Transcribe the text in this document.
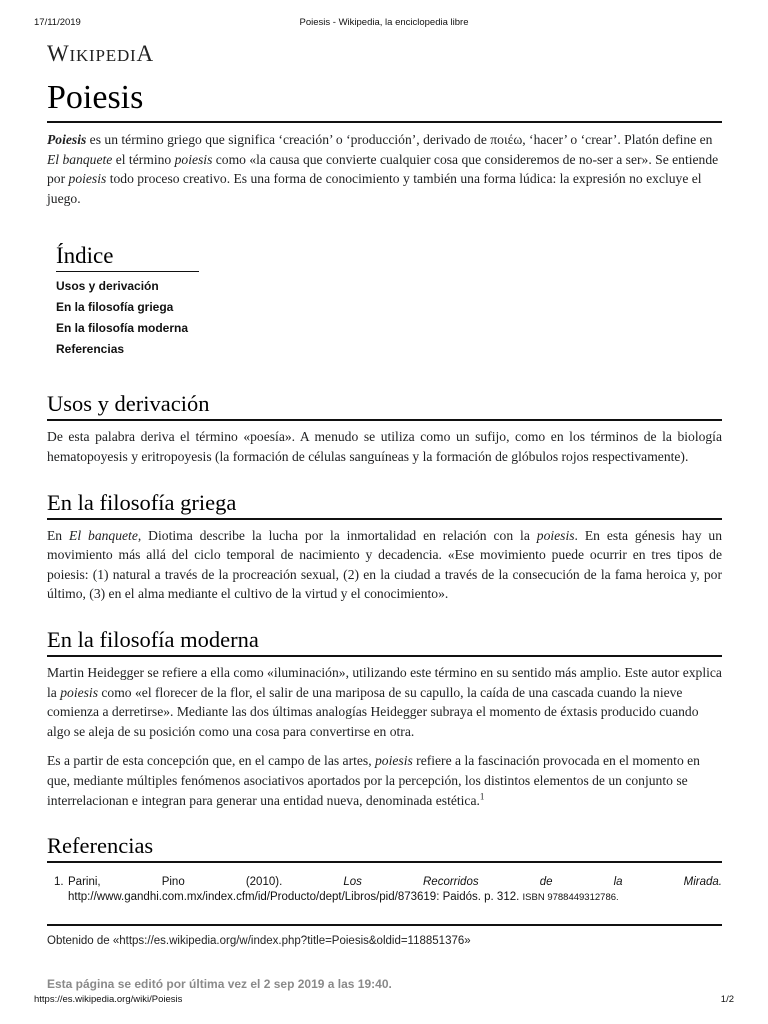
17/11/2019	Poiesis - Wikipedia, la enciclopedia libre
WIKIPEDIA
Poiesis

Poiesis es un término griego que significa ‘creación’ o ‘producción’, derivado de ποιέω, ‘hacer’ o ‘crear’. Platón define en El banquete el término poiesis como «la causa que convierte cualquier cosa que consideremos de no-ser a ser». Se entiende por poiesis todo proceso creativo. Es una forma de conocimiento y también una forma lúdica: la expresión no excluye el juego.

Índice
Usos y derivación
En la filosofía griega
En la filosofía moderna
Referencias
Usos y derivación

De esta palabra deriva el término «poesía». A menudo se utiliza como un sufijo, como en los términos de la biología hematopoyesis y eritropoyesis (la formación de células sanguíneas y la formación de glóbulos rojos respectivamente).

En la filosofía griega

En El banquete, Diotima describe la lucha por la inmortalidad en relación con la poiesis. En esta génesis hay un movimiento más allá del ciclo temporal de nacimiento y decadencia. «Ese movimiento puede ocurrir en tres tipos de poiesis: (1) natural a través de la procreación sexual, (2) en la ciudad a través de la consecución de la fama heroica y, por último, (3) en el alma mediante el cultivo de la virtud y el conocimiento».

En la filosofía moderna

Martin Heidegger se refiere a ella como «iluminación», utilizando este término en su sentido más amplio. Este autor explica la poiesis como «el florecer de la flor, el salir de una mariposa de su capullo, la caída de una cascada cuando la nieve comienza a derretirse». Mediante las dos últimas analogías Heidegger subraya el momento de éxtasis producido cuando algo se aleja de su posición como una cosa para convertirse en otra.

Es a partir de esta concepción que, en el campo de las artes, poiesis refiere a la fascinación provocada en el momento en que, mediante múltiples fenómenos asociativos aportados por la percepción, los distintos elementos de un conjunto se interrelacionan e integran para generar una entidad nueva, denominada estética.$^1$

Referencias
1. Parini,	Pino	(2010).	Los	Recorridos	de	la	Mirada.
http://www.gandhi.com.mx/index.cfm/id/Producto/dept/Libros/pid/873619: Paidós. p. 312. ISBN 9788449312786.
Obtenido de «https://es.wikipedia.org/w/index.php?title=Poiesis&oldid=118851376»
Esta página se editó por última vez el 2 sep 2019 a las 19:40.
https://es.wikipedia.org/wiki/Poiesis	1/2
